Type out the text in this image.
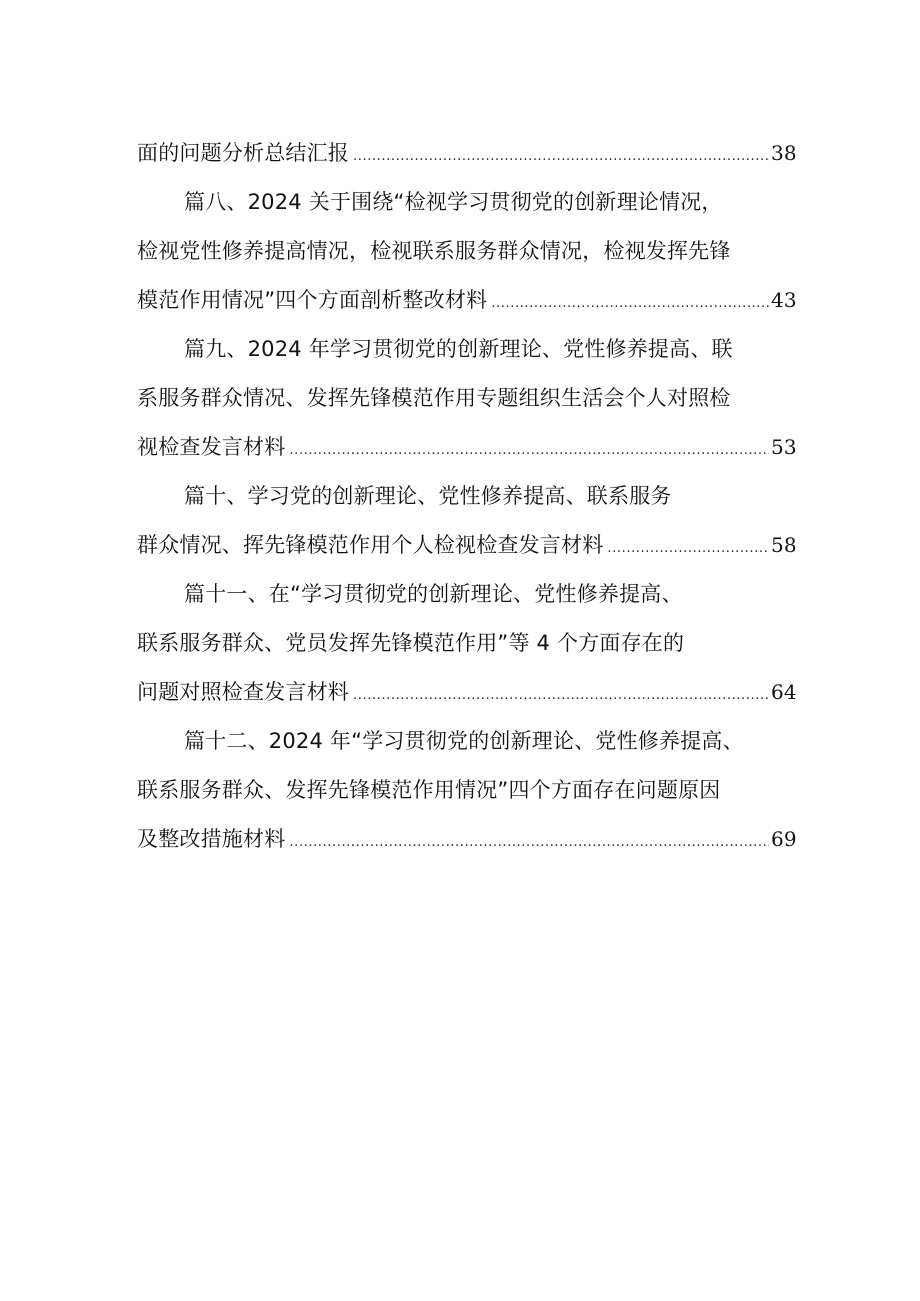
面的问题分析总结汇报 .....	38
篇八、2024 关于围绕“检视学习贯彻党的创新理论情况，
检视党性修养提高情况，检视联系服务群众情况，检视发挥先锋
模范作用情况”四个方面剖析整改材料 .....	43
篇九、2024 年学习贯彻党的创新理论、党性修养提高、联
系服务群众情况、发挥先锋模范作用专题组织生活会个人对照检
视检查发言材料 .....	53
篇十、学习党的创新理论、党性修养提高、联系服务
群众情况、挥先锋模范作用个人检视检查发言材料 .....	58
篇十一、在“学习贯彻党的创新理论、党性修养提高、
联系服务群众、党员发挥先锋模范作用”等 4 个方面存在的
问题对照检查发言材料 .....	64
篇十二、2024 年“学习贯彻党的创新理论、党性修养提高、
联系服务群众、发挥先锋模范作用情况”四个方面存在问题原因
及整改措施材料 .....	69
